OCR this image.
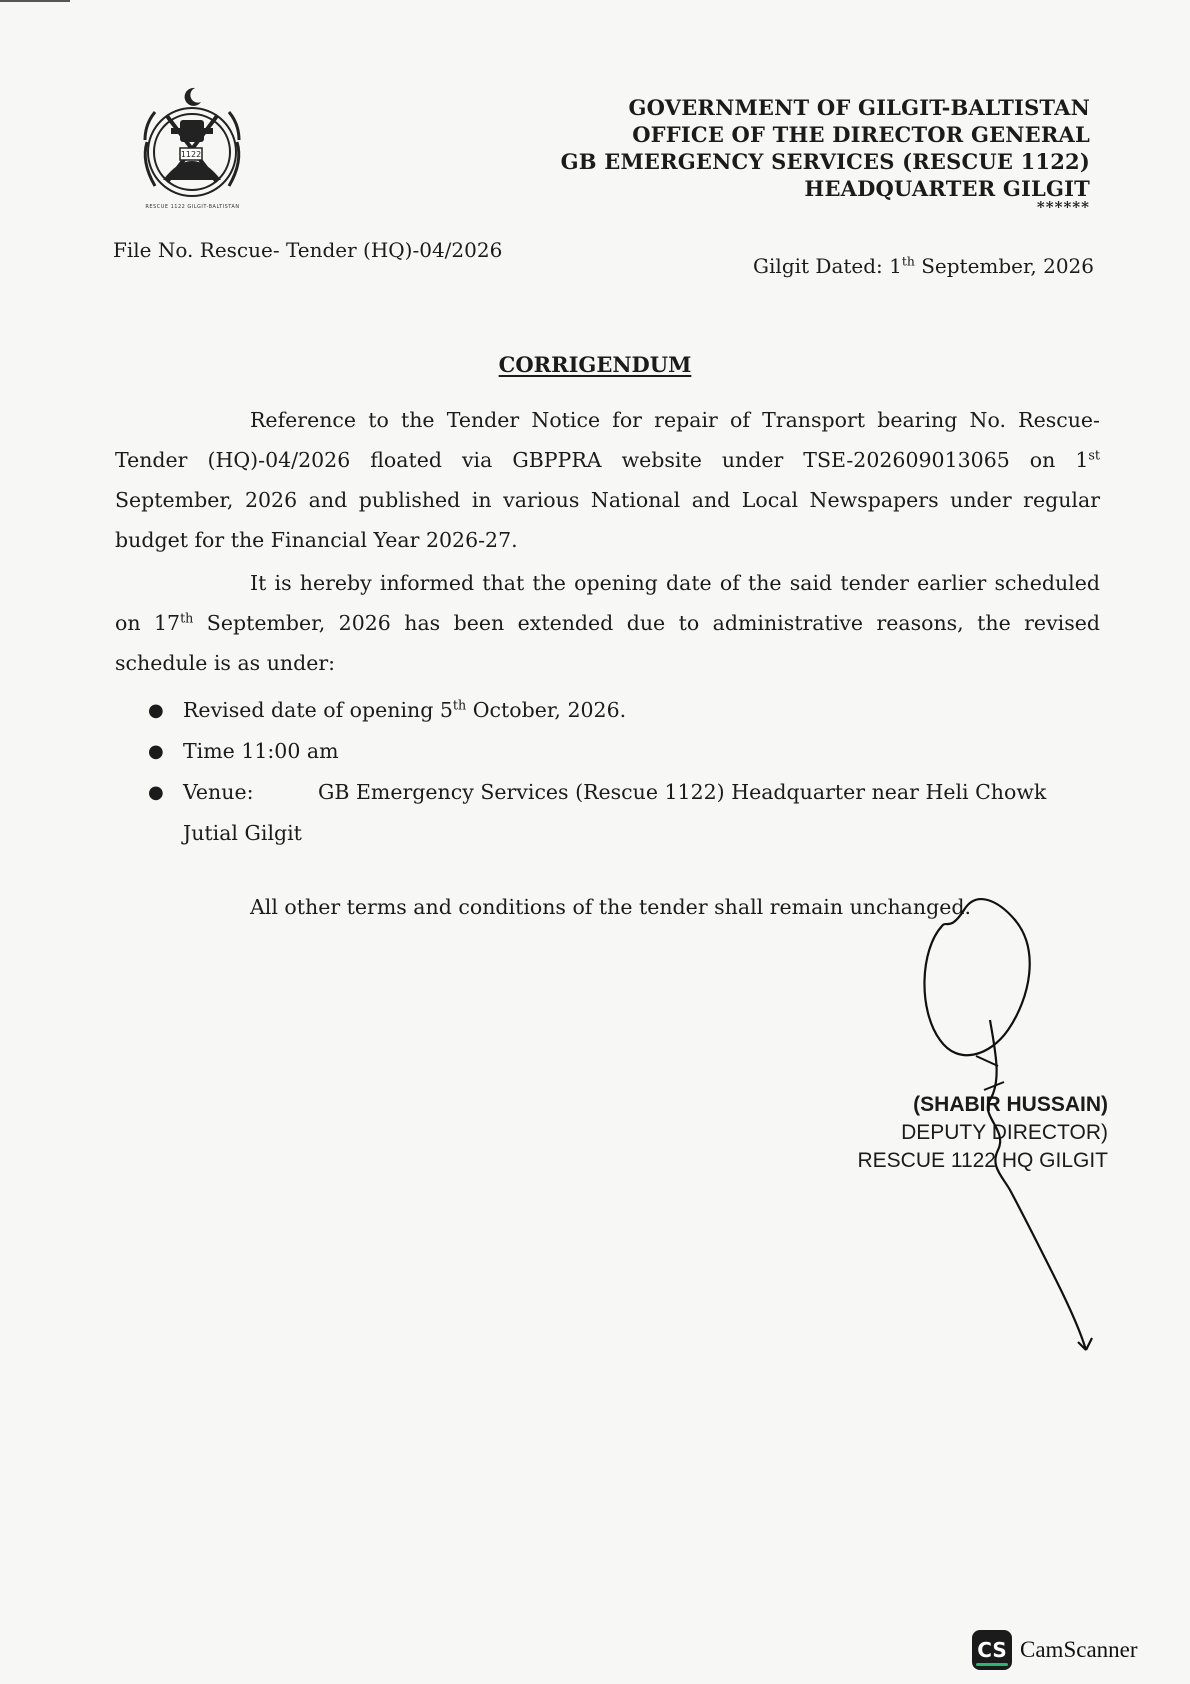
1122
RESCUE 1122 GILGIT-BALTISTAN
GOVERNMENT OF GILGIT-BALTISTAN
OFFICE OF THE DIRECTOR GENERAL
GB EMERGENCY SERVICES (RESCUE 1122)
HEADQUARTER GILGIT
******
File No. Rescue- Tender (HQ)-04/2026
Gilgit Dated: 1th September, 2026
CORRIGENDUM
Reference to the Tender Notice for repair of Transport bearing No. Rescue-Tender (HQ)-04/2026 floated via GBPPRA website under TSE-202609013065 on 1st September, 2026 and published in various National and Local Newspapers under regular budget for the Financial Year 2026-27.
It is hereby informed that the opening date of the said tender earlier scheduled on 17th September, 2026 has been extended due to administrative reasons, the revised schedule is as under:
● Revised date of opening 5th October, 2026.
● Time 11:00 am
● Venue:	GB Emergency Services (Rescue 1122) Headquarter near Heli Chowk
Jutial Gilgit
All other terms and conditions of the tender shall remain unchanged.
(SHABIR HUSSAIN)
DEPUTY DIRECTOR)
RESCUE 1122 HQ GILGIT
CS CamScanner
